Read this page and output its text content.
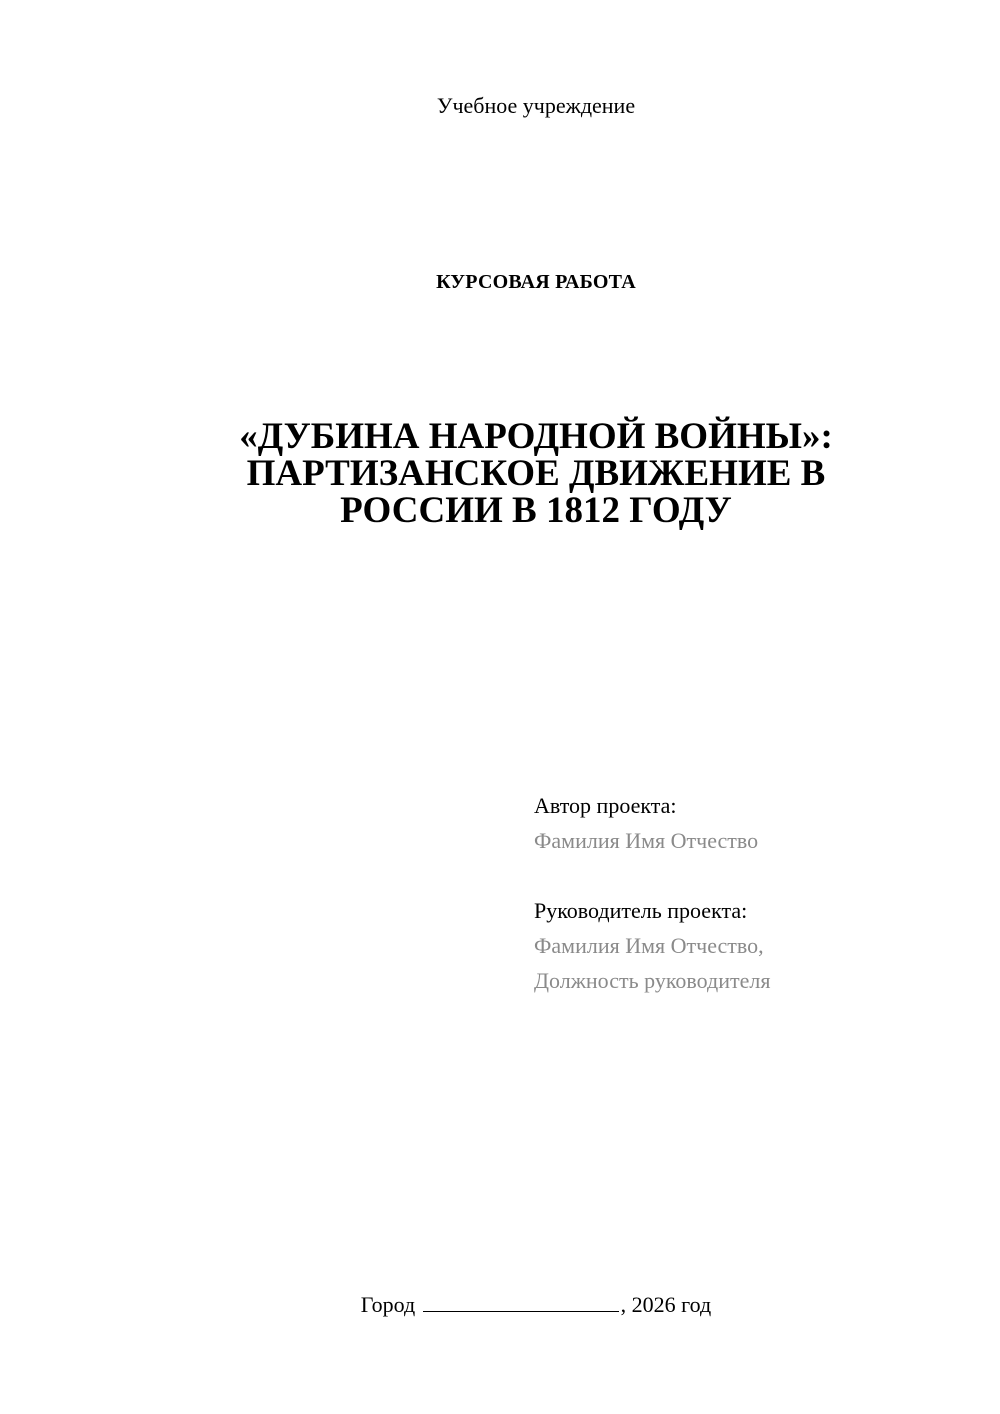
Учебное учреждение
КУРСОВАЯ РАБОТА
«ДУБИНА НАРОДНОЙ ВОЙНЫ»:
ПАРТИЗАНСКОЕ ДВИЖЕНИЕ В
РОССИИ В 1812 ГОДУ
Автор проекта:
Фамилия Имя Отчество
Руководитель проекта:
Фамилия Имя Отчество,
Должность руководителя
Город	, 2026 год
